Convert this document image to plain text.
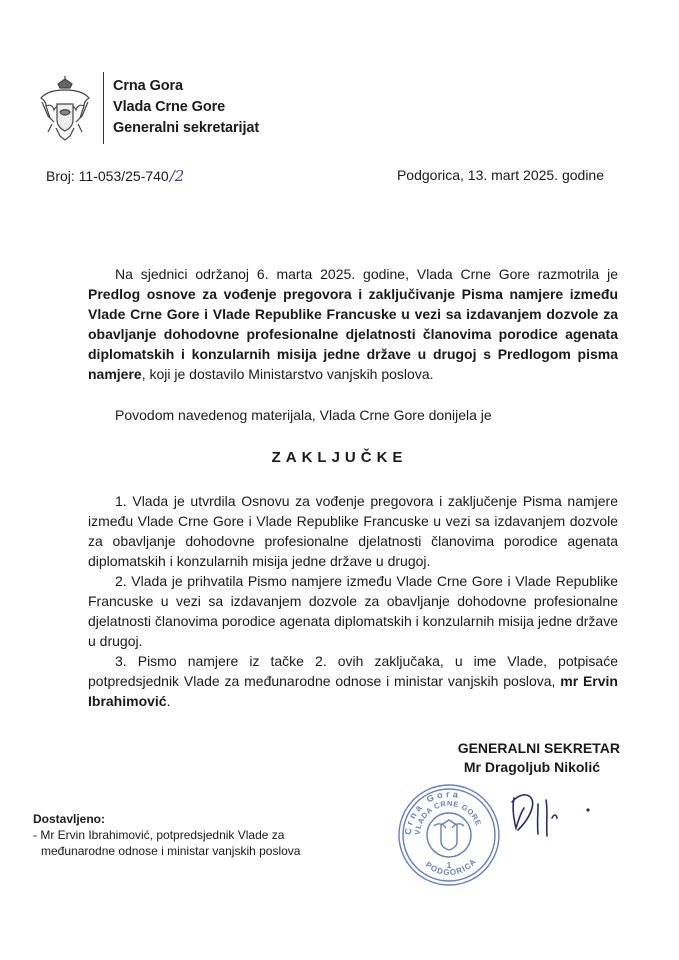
Crna Gora
Vlada Crne Gore
Generalni sekretarijat
Broj: 11-053/25-740/2	Podgorica, 13. mart 2025. godine
Na sjednici održanoj 6. marta 2025. godine, Vlada Crne Gore razmotrila je Predlog osnove za vođenje pregovora i zaključivanje Pisma namjere između Vlade Crne Gore i Vlade Republike Francuske u vezi sa izdavanjem dozvole za obavljanje dohodovne profesionalne djelatnosti članovima porodice agenata diplomatskih i konzularnih misija jedne države u drugoj s Predlogom pisma namjere, koji je dostavilo Ministarstvo vanjskih poslova.
Povodom navedenog materijala, Vlada Crne Gore donijela je
ZAKLJUČKE

1. Vlada je utvrdila Osnovu za vođenje pregovora i zaključenje Pisma namjere između Vlade Crne Gore i Vlade Republike Francuske u vezi sa izdavanjem dozvole za obavljanje dohodovne profesionalne djelatnosti članovima porodice agenata diplomatskih i konzularnih misija jedne države u drugoj.

2. Vlada je prihvatila Pismo namjere između Vlade Crne Gore i Vlade Republike Francuske u vezi sa izdavanjem dozvole za obavljanje dohodovne profesionalne djelatnosti članovima porodice agenata diplomatskih i konzularnih misija jedne države u drugoj.

3. Pismo namjere iz tačke 2. ovih zaključaka, u ime Vlade, potpisaće potpredsjednik Vlade za međunarodne odnose i ministar vanjskih poslova, mr Ervin Ibrahimović.

GENERALNI SEKRETAR
Mr Dragoljub Nikolić
Crna Gora
VLADA CRNE GORE
PODGORICA
1
Dostavljeno:
- Mr Ervin Ibrahimović, potpredsjednik Vlade za
međunarodne odnose i ministar vanjskih poslova
